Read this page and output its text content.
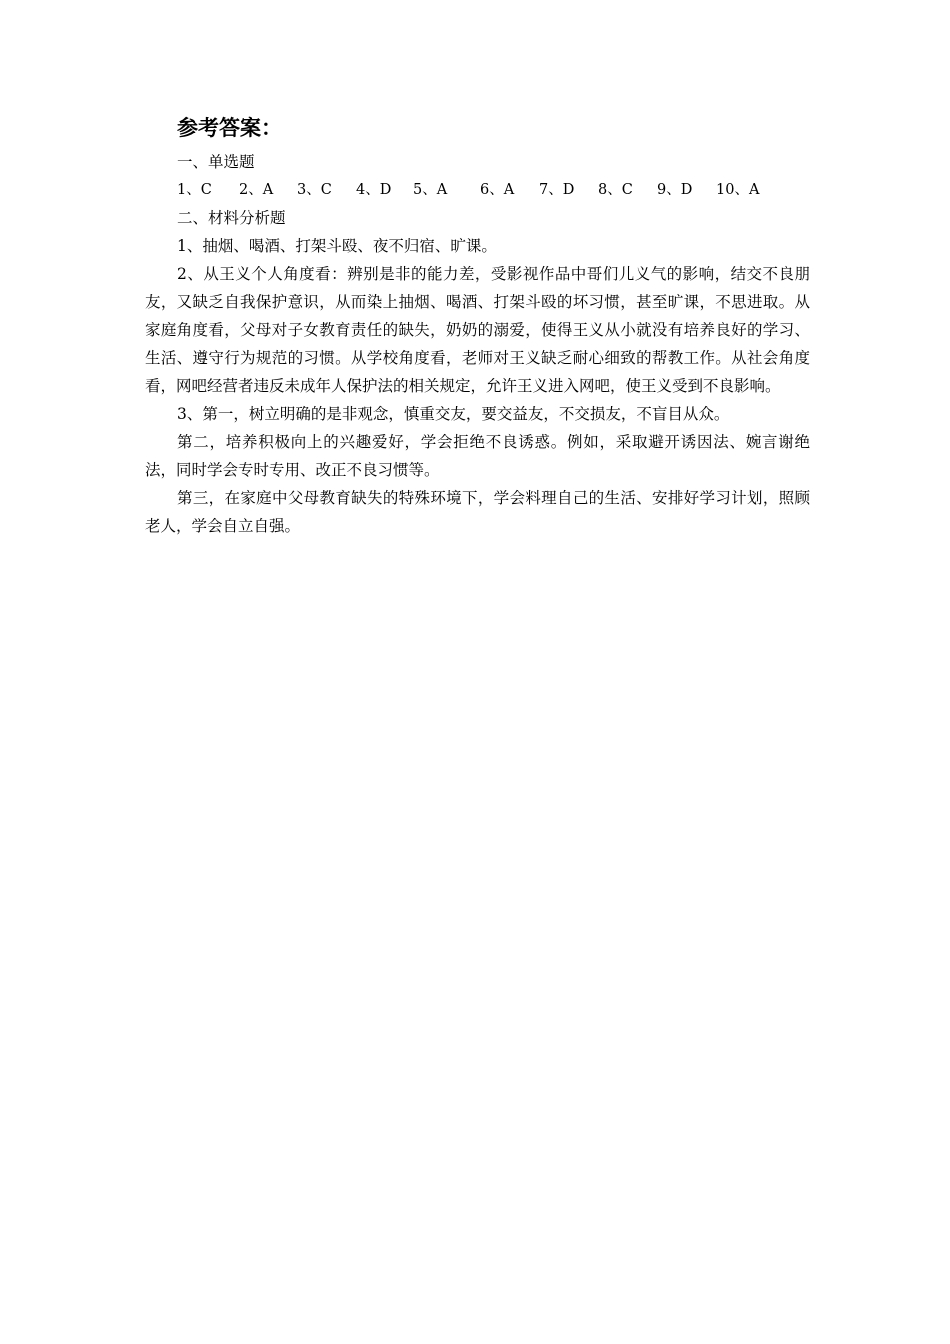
参考答案：
一、单选题
1、C	2、A	3、C	4、D	5、A	6、A	7、D	8、C	9、D	10、A
二、材料分析题

1、抽烟、喝酒、打架斗殴、夜不归宿、旷课。

2、从王义个人角度看：辨别是非的能力差，受影视作品中哥们儿义气的影响，结交不良朋友，又缺乏自我保护意识，从而染上抽烟、喝酒、打架斗殴的坏习惯，甚至旷课，不思进取。从家庭角度看，父母对子女教育责任的缺失，奶奶的溺爱，使得王义从小就没有培养良好的学习、生活、遵守行为规范的习惯。从学校角度看，老师对王义缺乏耐心细致的帮教工作。从社会角度看，网吧经营者违反未成年人保护法的相关规定，允许王义进入网吧，使王义受到不良影响。

3、第一，树立明确的是非观念，慎重交友，要交益友，不交损友，不盲目从众。

第二，培养积极向上的兴趣爱好，学会拒绝不良诱惑。例如，采取避开诱因法、婉言谢绝法，同时学会专时专用、改正不良习惯等。

第三，在家庭中父母教育缺失的特殊环境下，学会料理自己的生活、安排好学习计划，照顾老人，学会自立自强。
